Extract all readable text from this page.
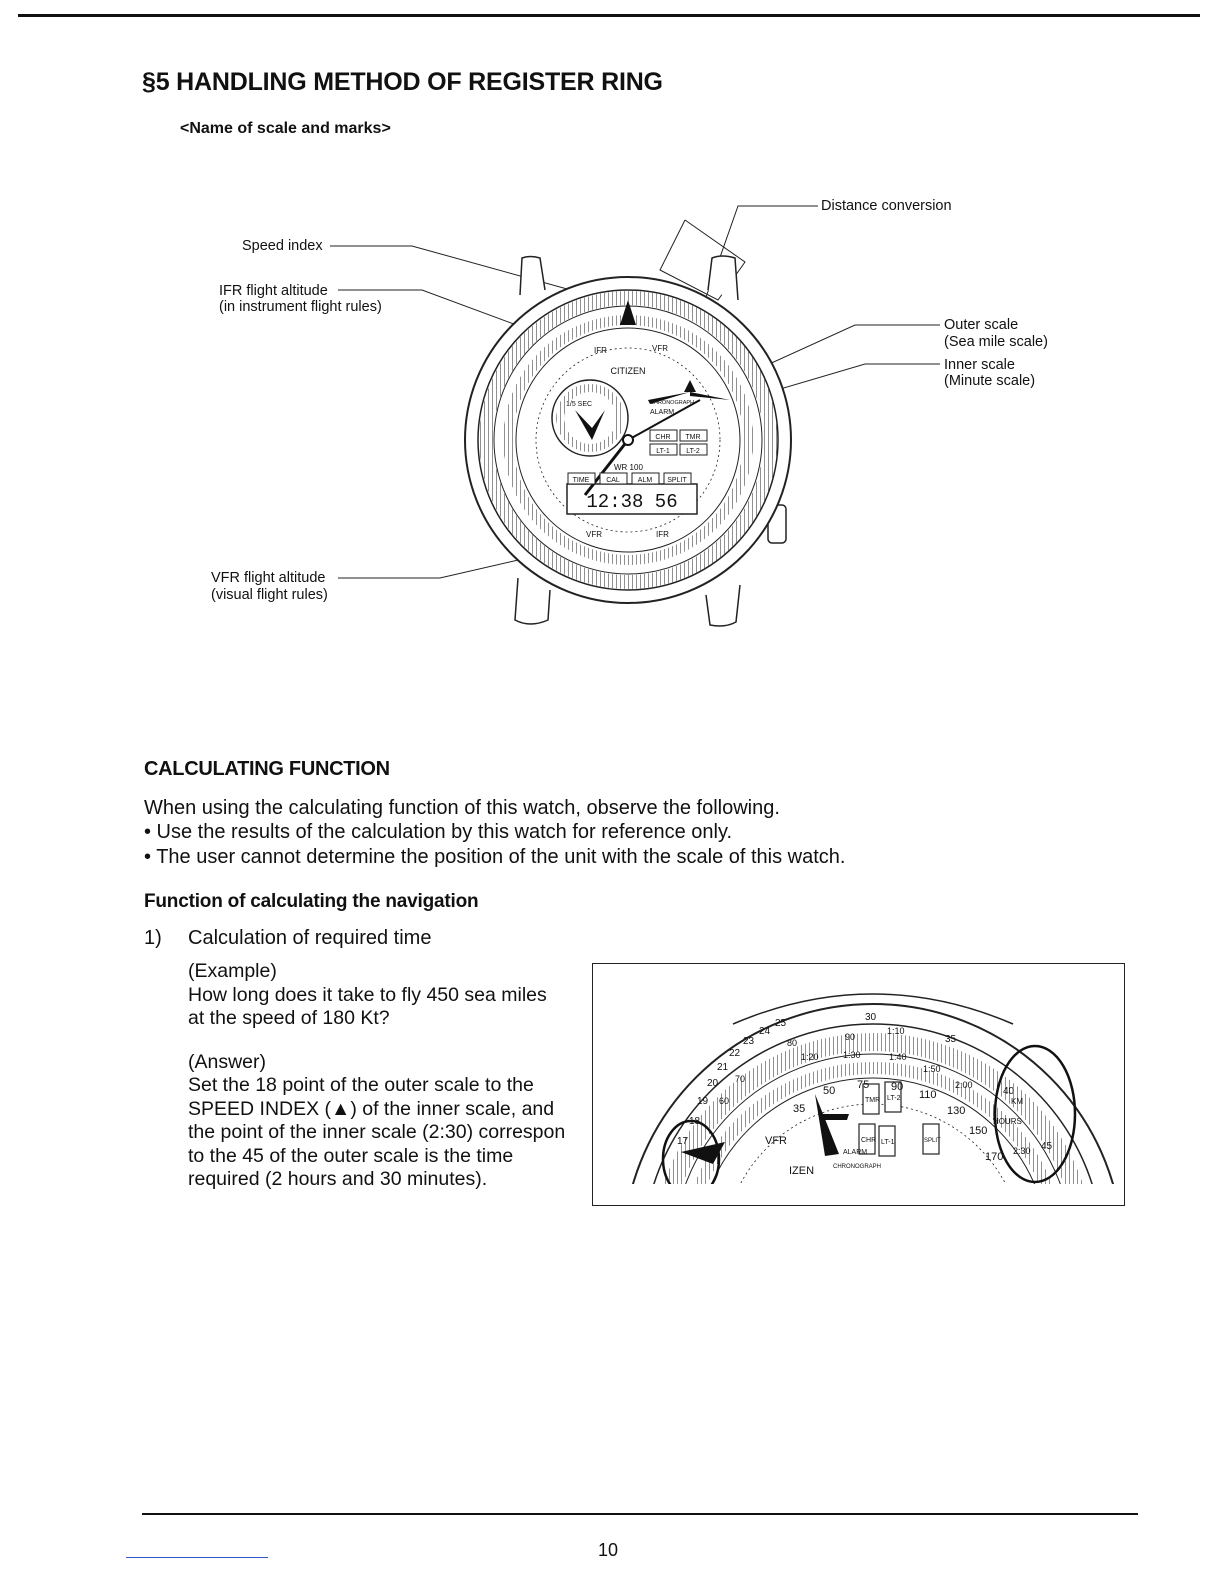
§5 HANDLING METHOD OF REGISTER RING
<Name of scale and marks>
Speed index
IFR flight altitude
(in instrument flight rules)
VFR flight altitude
(visual flight rules)
Distance conversion
Outer scale
(Sea mile scale)
Inner scale
(Minute scale)
CITIZEN
ALARM
CHRONOGRAPH
1/5 SEC
WR 100
12:38 56
IFR	VFR
VFR	IFR
CHR TMR
LT-1 LT-2
TIME CAL	ALM SPLIT
CALCULATING FUNCTION
When using the calculating function of this watch, observe the following.
• Use the results of the calculation by this watch for reference only.
• The user cannot determine the position of the unit with the scale of this watch.
Function of calculating the navigation
1) Calculation of required time

(Example)

How long does it take to fly 450 sea miles

at the speed of 180 Kt?

(Answer)

Set the 18 point of the outer scale to the

SPEED INDEX (▲) of the inner scale, and

the point of the inner scale (2:30) correspon

to the 45 of the outer scale is the time

required (2 hours and 30 minutes).

17
18
19
20
21
22
23
24
25
30
35
40
45
60
70
80
90
1:10
1:20	1:30	1:40
1:50
2:00
2:30
35
50 75 90
110
130
150
170
VFR
ALARM
CHRONOGRAPH
KM
HOURS
IZEN
TMR LT-2
CHR LT-1	SPLIT
10
